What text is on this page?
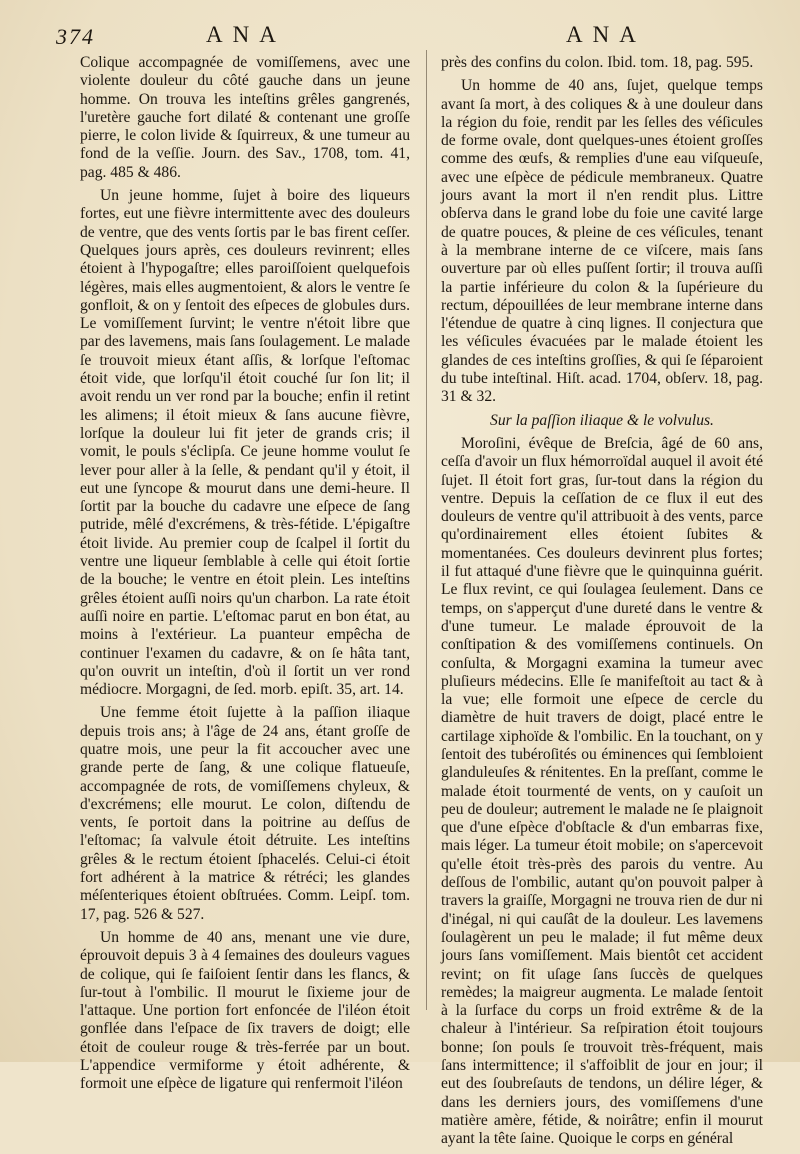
374	ANA	ANA

Colique accompagnée de vomiſſemens, avec une violente douleur du côté gauche dans un jeune homme. On trouva les inteſtins grêles gangrenés, l'uretère gauche fort dilaté & contenant une groſſe pierre, le colon livide & ſquirreux, & une tumeur au fond de la veſſie. Journ. des Sav., 1708, tom. 41, pag. 485 & 486.

Un jeune homme, ſujet à boire des liqueurs fortes, eut une fièvre intermittente avec des douleurs de ventre, que des vents ſortis par le bas firent ceſſer. Quelques jours après, ces douleurs revinrent; elles étoient à l'hypogaſtre; elles paroiſſoient quelquefois légères, mais elles augmentoient, & alors le ventre ſe gonfloit, & on y ſentoit des eſpeces de globules durs. Le vomiſſement ſurvint; le ventre n'étoit libre que par des lavemens, mais ſans ſoulagement. Le malade ſe trouvoit mieux étant aſſis, & lorſque l'eſtomac étoit vide, que lorſqu'il étoit couché ſur ſon lit; il avoit rendu un ver rond par la bouche; enfin il retint les alimens; il étoit mieux & ſans aucune fièvre, lorſque la douleur lui fit jeter de grands cris; il vomit, le pouls s'éclipſa. Ce jeune homme voulut ſe lever pour aller à la ſelle, & pendant qu'il y étoit, il eut une ſyncope & mourut dans une demi-heure. Il ſortit par la bouche du cadavre une eſpece de ſang putride, mêlé d'excrémens, & très-fétide. L'épigaſtre étoit livide. Au premier coup de ſcalpel il ſortit du ventre une liqueur ſemblable à celle qui étoit ſortie de la bouche; le ventre en étoit plein. Les inteſtins grêles étoient auſſi noirs qu'un charbon. La rate étoit auſſi noire en partie. L'eſtomac parut en bon état, au moins à l'extérieur. La puanteur empêcha de continuer l'examen du cadavre, & on ſe hâta tant, qu'on ouvrit un inteſtin, d'où il ſortit un ver rond médiocre. Morgagni, de ſed. morb. epiſt. 35, art. 14.

Une femme étoit ſujette à la paſſion iliaque depuis trois ans; à l'âge de 24 ans, étant groſſe de quatre mois, une peur la fit accoucher avec une grande perte de ſang, & une colique flatueuſe, accompagnée de rots, de vomiſſemens chyleux, & d'excrémens; elle mourut. Le colon, diſtendu de vents, ſe portoit dans la poitrine au deſſus de l'eſtomac; ſa valvule étoit détruite. Les inteſtins grêles & le rectum étoient ſphacelés. Celui-ci étoit fort adhérent à la matrice & rétréci; les glandes méſenteriques étoient obſtruées. Comm. Leipſ. tom. 17, pag. 526 & 527.

Un homme de 40 ans, menant une vie dure, éprouvoit depuis 3 à 4 ſemaines des douleurs vagues de colique, qui ſe faiſoient ſentir dans les flancs, & ſur-tout à l'ombilic. Il mourut le ſixieme jour de l'attaque. Une portion fort enfoncée de l'iléon étoit gonflée dans l'eſpace de ſix travers de doigt; elle étoit de couleur rouge & très-ferrée par un bout. L'appendice vermiforme y étoit adhérente, & formoit une eſpèce de ligature qui renfermoit l'iléon

près des confins du colon. Ibid. tom. 18, pag. 595.

Un homme de 40 ans, ſujet, quelque temps avant ſa mort, à des coliques & à une douleur dans la région du foie, rendit par les ſelles des véſicules de forme ovale, dont quelques-unes étoient groſſes comme des œufs, & remplies d'une eau viſqueuſe, avec une eſpèce de pédicule membraneux. Quatre jours avant la mort il n'en rendit plus. Littre obſerva dans le grand lobe du foie une cavité large de quatre pouces, & pleine de ces véſicules, tenant à la membrane interne de ce viſcere, mais ſans ouverture par où elles puſſent ſortir; il trouva auſſi la partie inférieure du colon & la ſupérieure du rectum, dépouillées de leur membrane interne dans l'étendue de quatre à cinq lignes. Il conjectura que les véſicules évacuées par le malade étoient les glandes de ces inteſtins groſſies, & qui ſe ſéparoient du tube inteſtinal. Hiſt. acad. 1704, obſerv. 18, pag. 31 & 32.

Sur la paſſion iliaque & le volvulus.

Moroſini, évêque de Breſcia, âgé de 60 ans, ceſſa d'avoir un flux hémorroïdal auquel il avoit été ſujet. Il étoit fort gras, ſur-tout dans la région du ventre. Depuis la ceſſation de ce flux il eut des douleurs de ventre qu'il attribuoit à des vents, parce qu'ordinairement elles étoient ſubites & momentanées. Ces douleurs devinrent plus fortes; il fut attaqué d'une fièvre que le quinquinna guérit. Le flux revint, ce qui ſoulagea ſeulement. Dans ce temps, on s'apperçut d'une dureté dans le ventre & d'une tumeur. Le malade éprouvoit de la conſtipation & des vomiſſemens continuels. On conſulta, & Morgagni examina la tumeur avec pluſieurs médecins. Elle ſe manifeſtoit au tact & à la vue; elle formoit une eſpece de cercle du diamètre de huit travers de doigt, placé entre le cartilage xiphoïde & l'ombilic. En la touchant, on y ſentoit des tubéroſités ou éminences qui ſembloient glanduleuſes & rénitentes. En la preſſant, comme le malade étoit tourmenté de vents, on y cauſoit un peu de douleur; autrement le malade ne ſe plaignoit que d'une eſpèce d'obſtacle & d'un embarras fixe, mais léger. La tumeur étoit mobile; on s'apercevoit qu'elle étoit très-près des parois du ventre. Au deſſous de l'ombilic, autant qu'on pouvoit palper à travers la graiſſe, Morgagni ne trouva rien de dur ni d'inégal, ni qui cauſât de la douleur. Les lavemens ſoulagèrent un peu le malade; il fut même deux jours ſans vomiſſement. Mais bientôt cet accident revint; on fit uſage ſans ſuccès de quelques remèdes; la maigreur augmenta. Le malade ſentoit à la ſurface du corps un froid extrême & de la chaleur à l'intérieur. Sa reſpiration étoit toujours bonne; ſon pouls ſe trouvoit très-fréquent, mais ſans intermittence; il s'affoiblit de jour en jour; il eut des ſoubreſauts de tendons, un délire léger, & dans les derniers jours, des vomiſſemens d'une matière amère, fétide, & noirâtre; enfin il mourut ayant la tête ſaine. Quoique le corps en général
